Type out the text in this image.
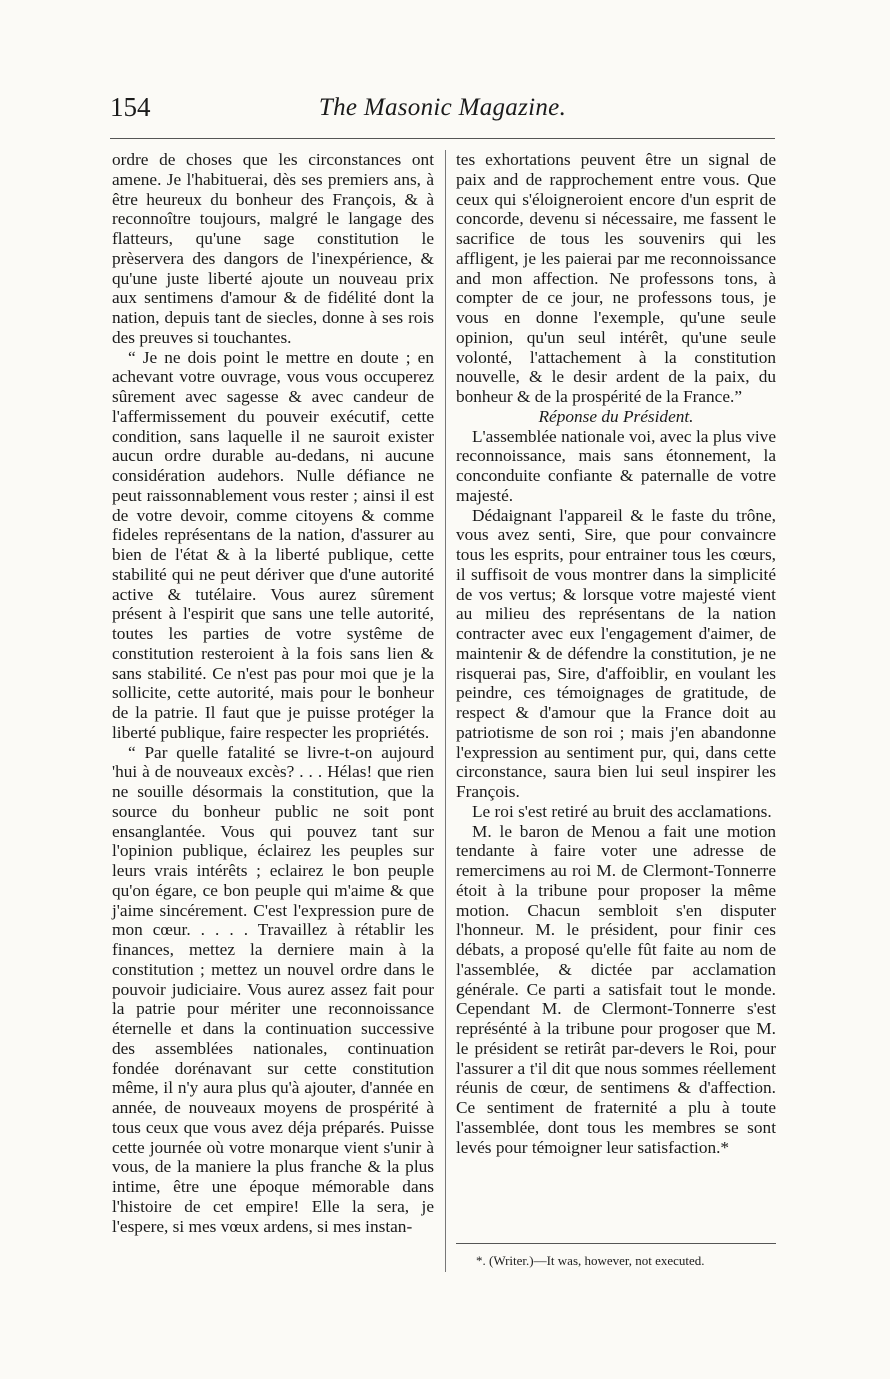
154	The Masonic Magazine.

ordre de choses que les circonstances ont amene. Je l'habituerai, dès ses premiers ans, à être heureux du bonheur des François, & à reconnoître toujours, malgré le langage des flatteurs, qu'une sage constitution le prèservera des dangors de l'inexpérience, & qu'une juste liberté ajoute un nouveau prix aux sentimens d'amour & de fidélité dont la nation, depuis tant de siecles, donne à ses rois des preuves si touchantes.

“ Je ne dois point le mettre en doute ; en achevant votre ouvrage, vous vous occuperez sûrement avec sagesse & avec candeur de l'affermissement du pouveir exécutif, cette condition, sans laquelle il ne sauroit exister aucun ordre durable au-dedans, ni aucune considération audehors. Nulle défiance ne peut raissonnablement vous rester ; ainsi il est de votre devoir, comme citoyens & comme fideles représentans de la nation, d'assurer au bien de l'état & à la liberté publique, cette stabilité qui ne peut dériver que d'une autorité active & tutélaire. Vous aurez sûrement présent à l'espirit que sans une telle autorité, toutes les parties de votre systême de constitution resteroient à la fois sans lien & sans stabilité. Ce n'est pas pour moi que je la sollicite, cette autorité, mais pour le bonheur de la patrie. Il faut que je puisse protéger la liberté publique, faire respecter les propriétés.

“ Par quelle fatalité se livre-t-on aujourd 'hui à de nouveaux excès? . . . Hélas! que rien ne souille désormais la constitution, que la source du bonheur public ne soit pont ensanglantée. Vous qui pouvez tant sur l'opinion publique, éclairez les peuples sur leurs vrais intérêts ; eclairez le bon peuple qu'on égare, ce bon peuple qui m'aime & que j'aime sincérement. C'est l'expression pure de mon cœur. . . . . Travaillez à rétablir les finances, mettez la derniere main à la constitution ; mettez un nouvel ordre dans le pouvoir judiciaire. Vous aurez assez fait pour la patrie pour mériter une reconnoissance éternelle et dans la continuation successive des assemblées nationales, continuation fondée dorénavant sur cette constitution même, il n'y aura plus qu'à ajouter, d'année en année, de nouveaux moyens de prospérité à tous ceux que vous avez déja préparés. Puisse cette journée où votre monarque vient s'unir à vous, de la maniere la plus franche & la plus intime, être une époque mémorable dans l'histoire de cet empire! Elle la sera, je l'espere, si mes vœux ardens, si mes instan-

tes exhortations peuvent être un signal de paix and de rapprochement entre vous. Que ceux qui s'éloigneroient encore d'un esprit de concorde, devenu si nécessaire, me fassent le sacrifice de tous les souvenirs qui les affligent, je les paierai par me reconnoissance and mon affection. Ne professons tons, à compter de ce jour, ne professons tous, je vous en donne l'exemple, qu'une seule opinion, qu'un seul intérêt, qu'une seule volonté, l'attachement à la constitution nouvelle, & le desir ardent de la paix, du bonheur & de la prospérité de la France.”

Réponse du Président.

L'assemblée nationale voi, avec la plus vive reconnoissance, mais sans étonnement, la conconduite confiante & paternalle de votre majesté.

Dédaignant l'appareil & le faste du trône, vous avez senti, Sire, que pour convaincre tous les esprits, pour entrainer tous les cœurs, il suffisoit de vous montrer dans la simplicité de vos vertus; & lorsque votre majesté vient au milieu des représentans de la nation contracter avec eux l'engagement d'aimer, de maintenir & de défendre la constitution, je ne risquerai pas, Sire, d'affoiblir, en voulant les peindre, ces témoignages de gratitude, de respect & d'amour que la France doit au patriotisme de son roi ; mais j'en abandonne l'expression au sentiment pur, qui, dans cette circonstance, saura bien lui seul inspirer les François.

Le roi s'est retiré au bruit des acclamations.

M. le baron de Menou a fait une motion tendante à faire voter une adresse de remercimens au roi M. de Clermont-Tonnerre étoit à la tribune pour proposer la même motion. Chacun sembloit s'en disputer l'honneur. M. le président, pour finir ces débats, a proposé qu'elle fût faite au nom de l'assemblée, & dictée par acclamation générale. Ce parti a satisfait tout le monde. Cependant M. de Clermont-Tonnerre s'est représénté à la tribune pour progoser que M. le président se retirât par-devers le Roi, pour l'assurer a t'il dit que nous sommes réellement réunis de cœur, de sentimens & d'affection. Ce sentiment de fraternité a plu à toute l'assemblée, dont tous les membres se sont levés pour témoigner leur satisfaction.*

*. (Writer.)—It was, however, not executed.
